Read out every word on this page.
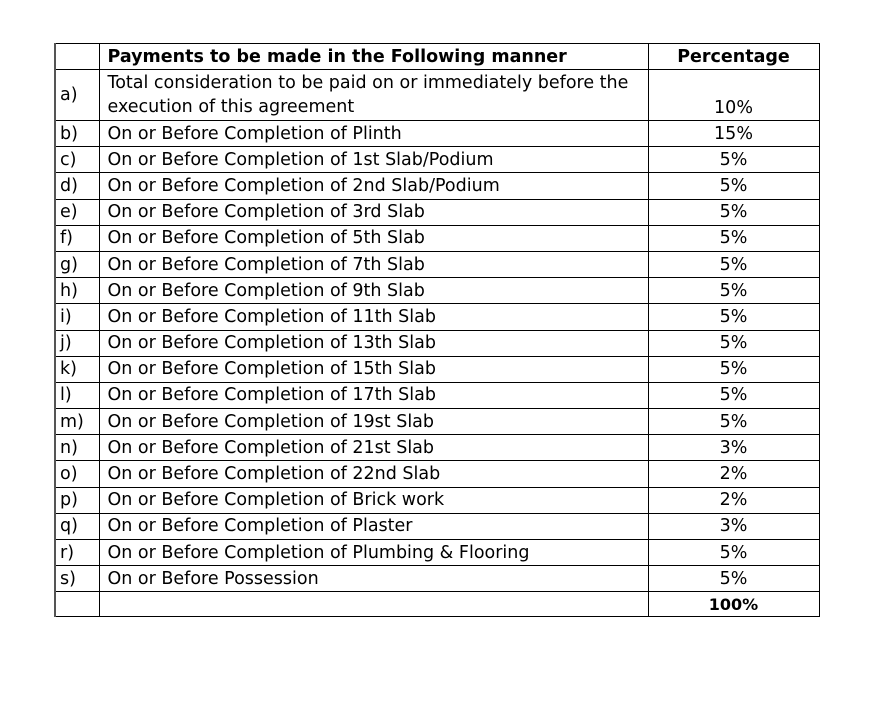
	Payments to be made in the Following manner	Percentage
a)	Total consideration to be paid on or immediately before the execution of this agreement	10%
b)	On or Before Completion of Plinth	15%
c)	On or Before Completion of 1st Slab/Podium	5%
d)	On or Before Completion of 2nd Slab/Podium	5%
e)	On or Before Completion of 3rd Slab	5%
f)	On or Before Completion of 5th Slab	5%
g)	On or Before Completion of 7th Slab	5%
h)	On or Before Completion of 9th Slab	5%
i)	On or Before Completion of 11th Slab	5%
j)	On or Before Completion of 13th Slab	5%
k)	On or Before Completion of 15th Slab	5%
l)	On or Before Completion of 17th Slab	5%
m)	On or Before Completion of 19st Slab	5%
n)	On or Before Completion of 21st Slab	3%
o)	On or Before Completion of 22nd Slab	2%
p)	On or Before Completion of Brick work	2%
q)	On or Before Completion of Plaster	3%
r)	On or Before Completion of Plumbing & Flooring	5%
s)	On or Before Possession	5%
		100%
